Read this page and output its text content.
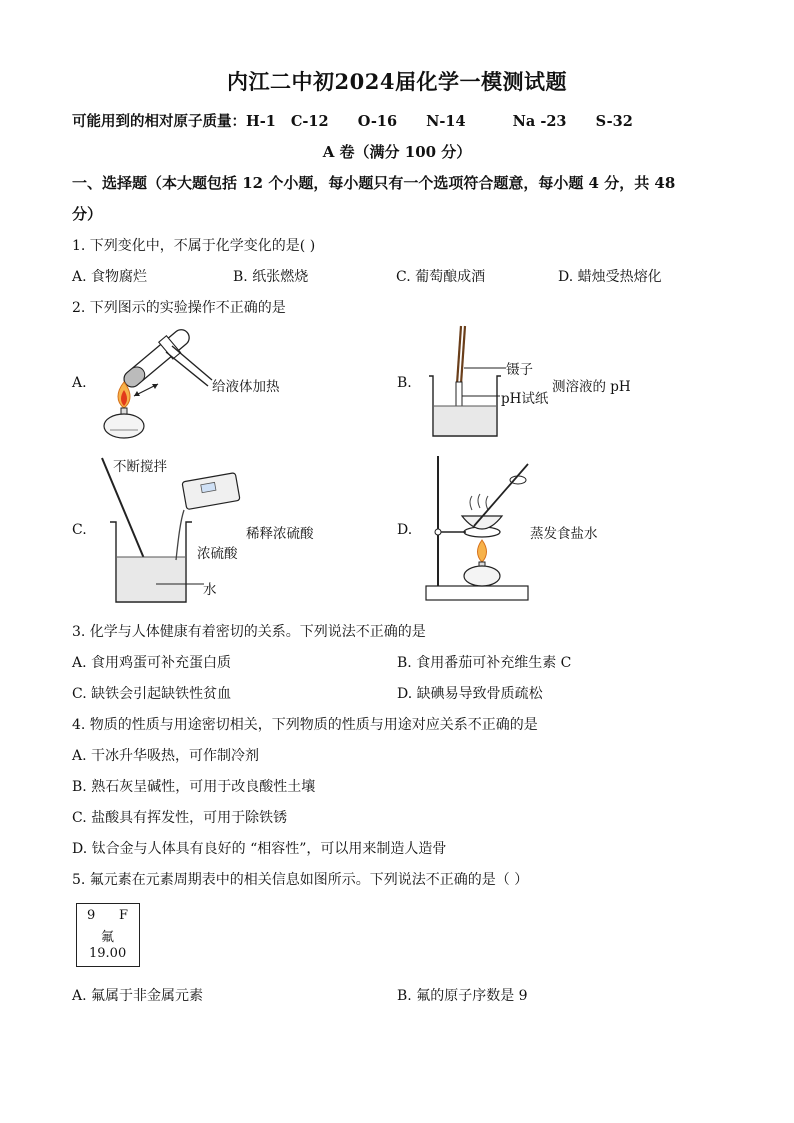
内江二中初2024届化学一模测试题
可能用到的相对原子质量：H-1 C-12 O-16 N-14	Na -23 S-32
A 卷（满分 100 分）
一、选择题（本大题包括 12 个小题，每小题只有一个选项符合题意，每小题 4 分，共 48
分）
1. 下列变化中，不属于化学变化的是( )
A. 食物腐烂	B. 纸张燃烧	C. 葡萄酿成酒	D. 蜡烛受热熔化
2. 下列图示的实验操作不正确的是
A.	给液体加热	B.
镊子
pH试纸
测溶液的 pH
C.
不断搅拌
稀释浓硫酸
浓硫酸
水
D.	蒸发食盐水
3. 化学与人体健康有着密切的关系。下列说法不正确的是
A. 食用鸡蛋可补充蛋白质	B. 食用番茄可补充维生素 C
C. 缺铁会引起缺铁性贫血	D. 缺碘易导致骨质疏松
4. 物质的性质与用途密切相关，下列物质的性质与用途对应关系不正确的是
A. 干冰升华吸热，可作制冷剂
B. 熟石灰呈碱性，可用于改良酸性土壤
C. 盐酸具有挥发性，可用于除铁锈
D. 钛合金与人体具有良好的 “相容性”，可以用来制造人造骨
5. 氟元素在元素周期表中的相关信息如图所示。下列说法不正确的是（ ）
9 F
氟
19.00
A. 氟属于非金属元素	B. 氟的原子序数是 9
